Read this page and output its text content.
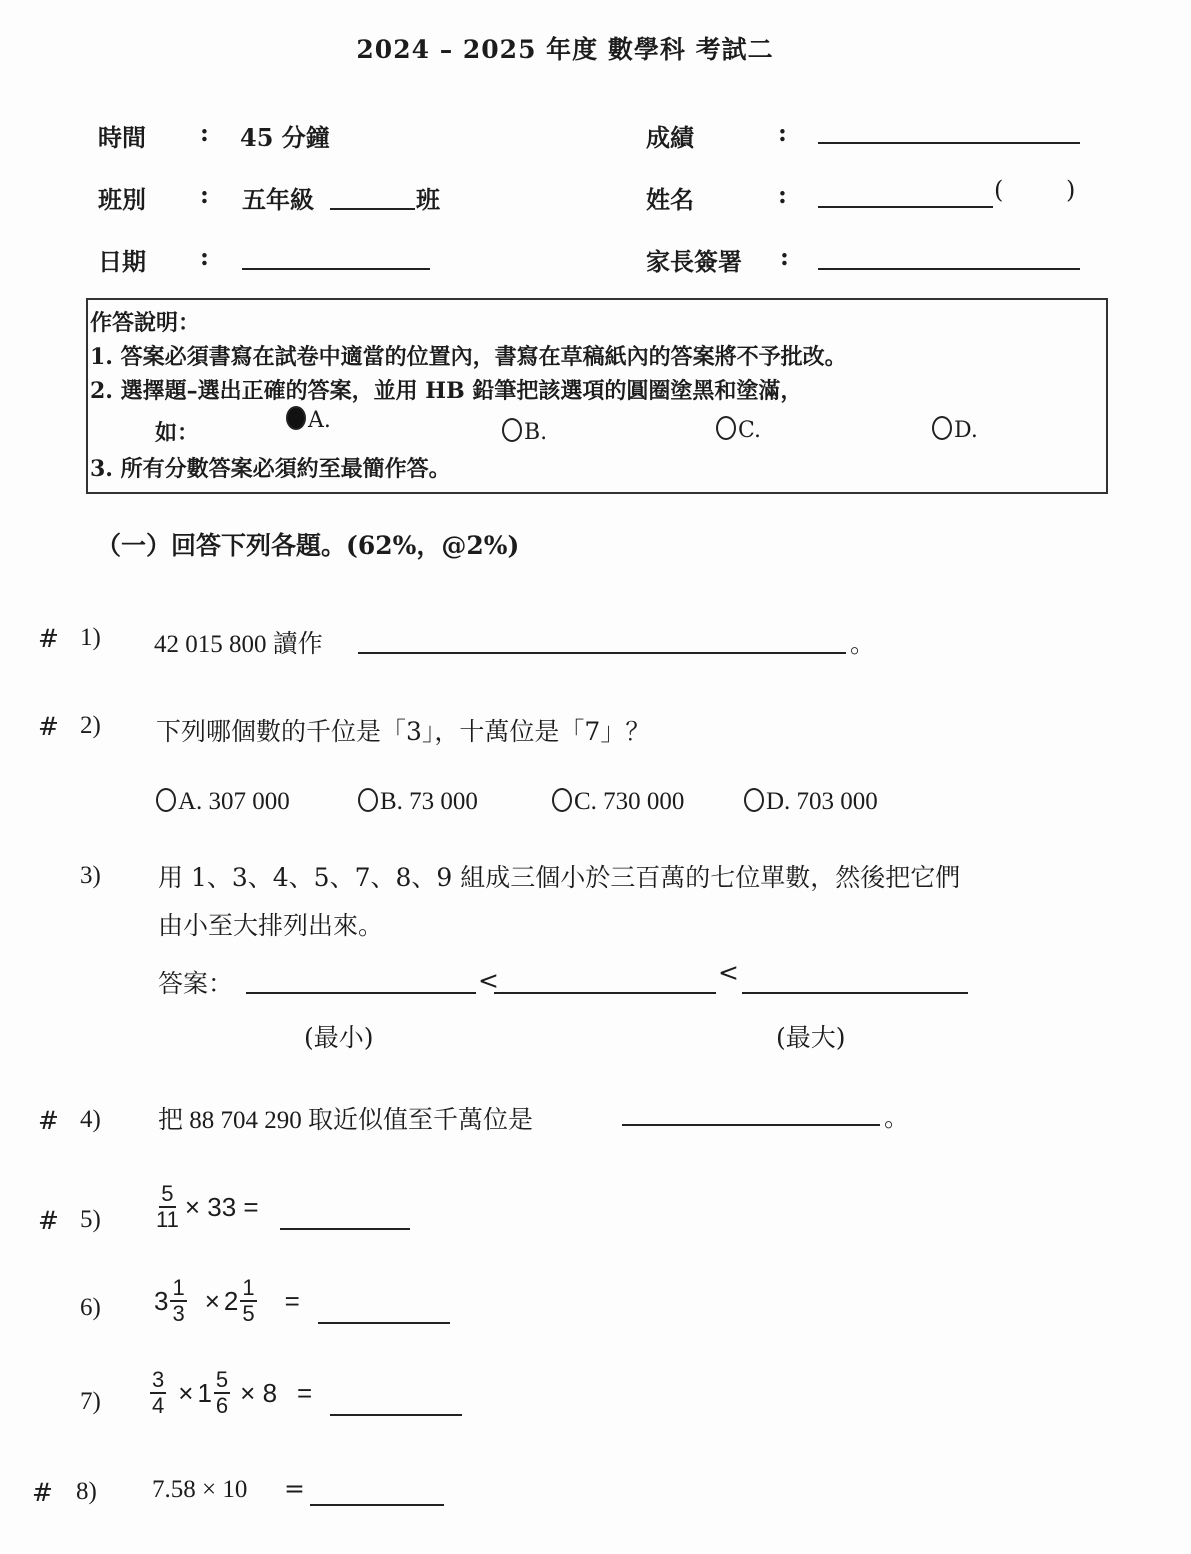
2024 – 2025 年度 數學科 考試二
時間 : 45 分鐘
班別 : 五年級	班
日期 :
成績	:
姓名	:	(	)
家長簽署 :
作答說明：
1. 答案必須書寫在試卷中適當的位置內，書寫在草稿紙內的答案將不予批改。
2. 選擇題–選出正確的答案，並用 HB 鉛筆把該選項的圓圈塗黑和塗滿，
如：	A.	B.	C.	D.
3. 所有分數答案必須約至最簡作答。
（一）回答下列各題。(62%，@2%)
# 1) 42 015 800 讀作	。
# 2) 下列哪個數的千位是「3」，十萬位是「7」？
A. 307 000	B. 73 000	C. 730 000	D. 703 000
3) 用 1、3、4、5、7、8、9 組成三個小於三百萬的七位單數，然後把它們
由小至大排列出來。
答案：	<	<
(最小)	(最大)
# 4) 把 88 704 290 取近似值至千萬位是	。
# 5)	$\frac{5}{11} \times 33$ =
6) $3 \frac{1}{3} \times 2 \frac{1}{5}$ =
$7) \frac{3}{4} \times 1 \frac{5}{6} \times 8$ =
# 8) 7.58 × 10 =
